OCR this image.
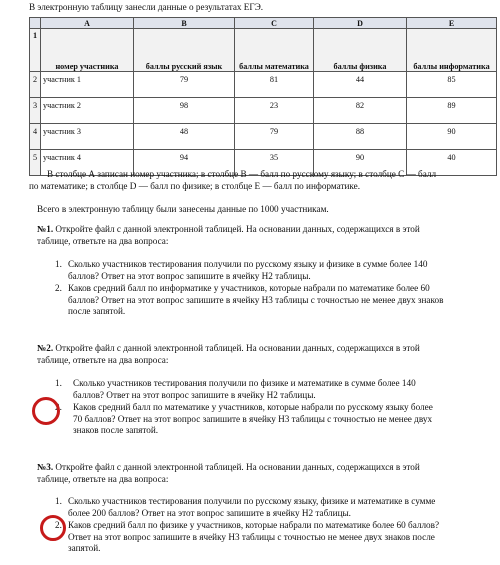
В электронную таблицу занесли данные о результатах ЕГЭ.
	A	B	C	D	E
1	номер участника	баллы русский язык	баллы математика	баллы физика	баллы информатика
2	участник 1	79	81	44	85
3	участник 2	98	23	82	89
4	участник 3	48	79	88	90
5	участник 4	94	35	90	40
В столбце А записан номер участника; в столбце В — балл по русскому языку; в столбце С — балл
по математике; в столбце D — балл по физике; в столбце Е — балл по информатике.
Всего в электронную таблицу были занесены данные по 1000 участникам.
№1. Откройте файл с данной электронной таблицей. На основании данных, содержащихся в этой
таблице, ответьте на два вопроса:
1. Сколько участников тестирования получили по русскому языку и физике в сумме более 140
баллов? Ответ на этот вопрос запишите в ячейку H2 таблицы.
2. Каков средний балл по информатике у участников, которые набрали по математике более 60
баллов? Ответ на этот вопрос запишите в ячейку H3 таблицы с точностью не менее двух знаков
после запятой.
№2. Откройте файл с данной электронной таблицей. На основании данных, содержащихся в этой
таблице, ответьте на два вопроса:
1. Сколько участников тестирования получили по физике и математике в сумме более 140
баллов? Ответ на этот вопрос запишите в ячейку H2 таблицы.
2. Каков средний балл по математике у участников, которые набрали по русскому языку более
70 баллов? Ответ на этот вопрос запишите в ячейку H3 таблицы с точностью не менее двух
знаков после запятой.
№3. Откройте файл с данной электронной таблицей. На основании данных, содержащихся в этой
таблице, ответьте на два вопроса:
1. Сколько участников тестирования получили по русскому языку, физике и математике в сумме
более 200 баллов? Ответ на этот вопрос запишите в ячейку H2 таблицы.
2. Каков средний балл по физике у участников, которые набрали по математике более 60 баллов?
Ответ на этот вопрос запишите в ячейку H3 таблицы с точностью не менее двух знаков после
запятой.
